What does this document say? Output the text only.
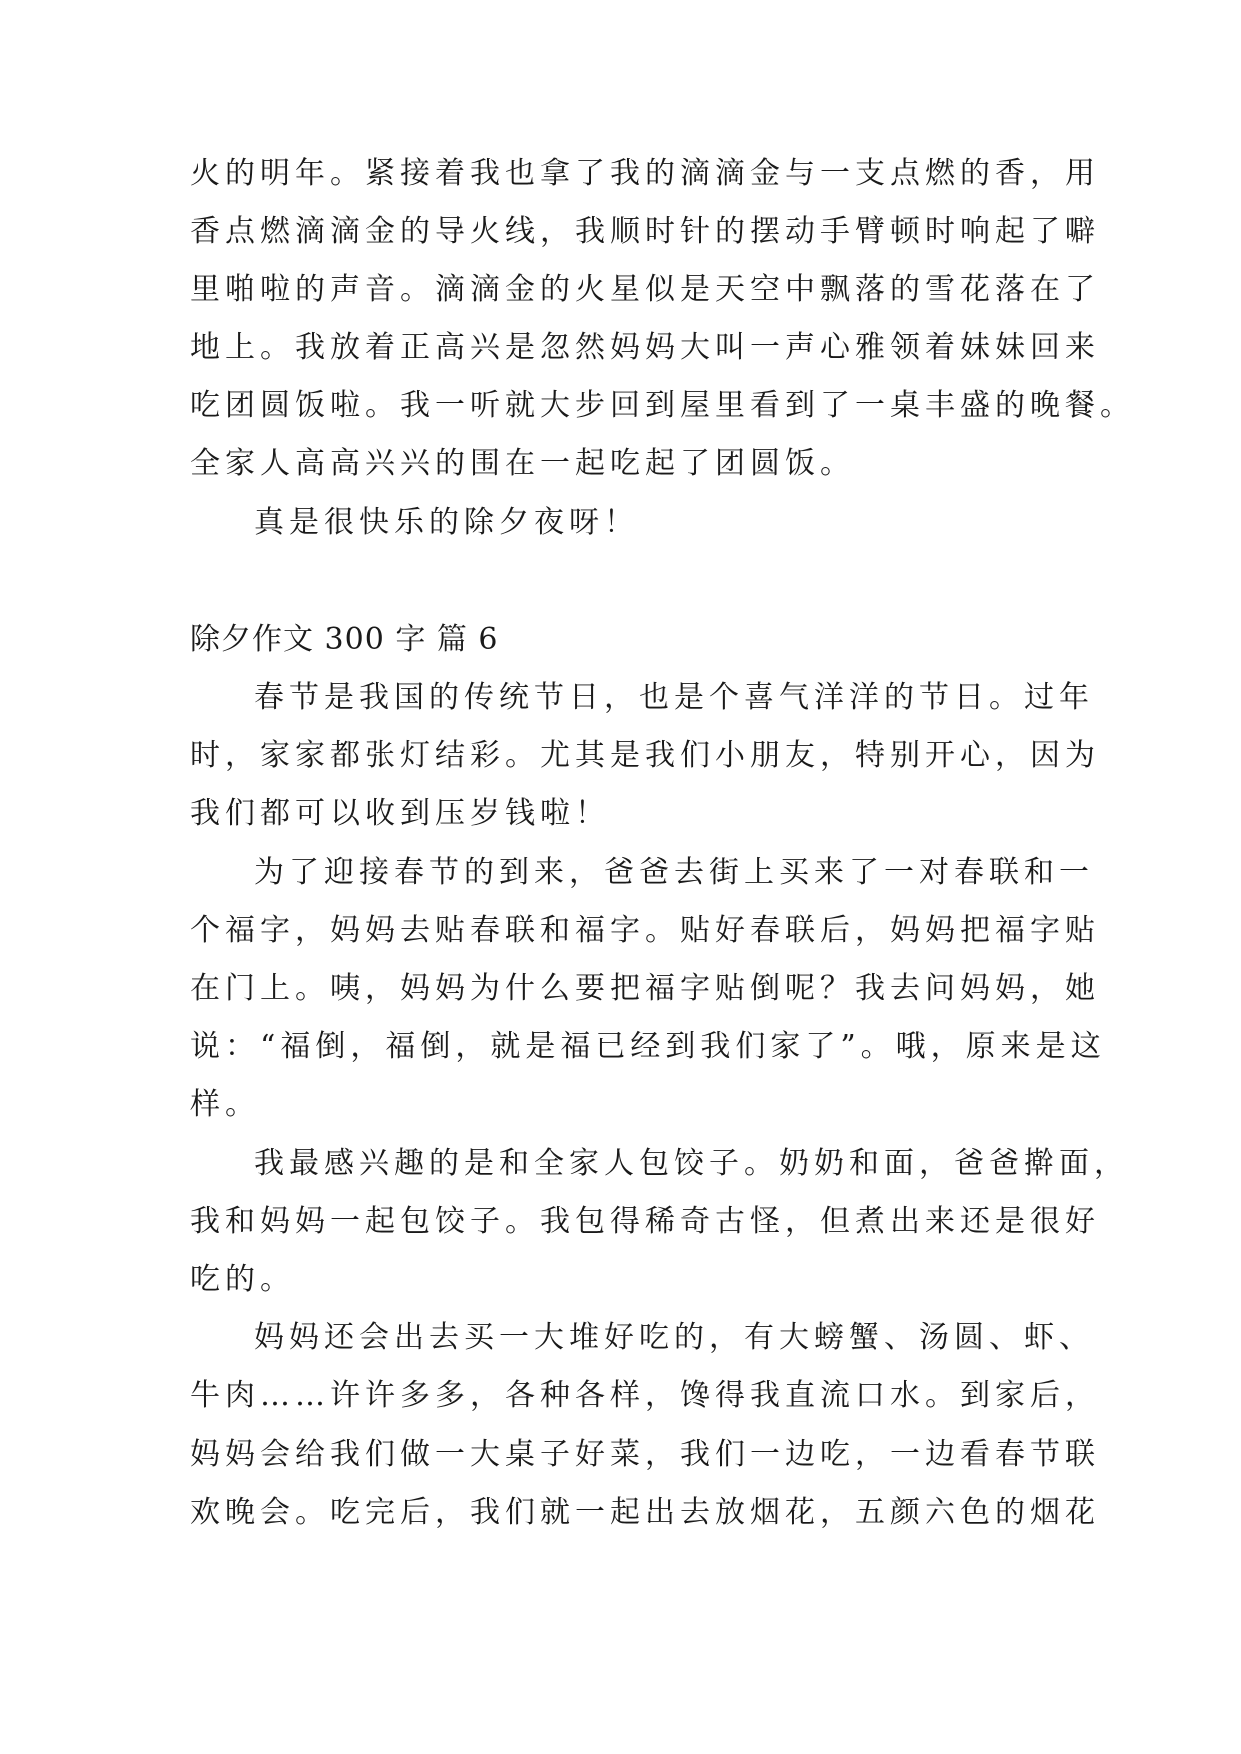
火的明年。紧接着我也拿了我的滴滴金与一支点燃的香，用
香点燃滴滴金的导火线，我顺时针的摆动手臂顿时响起了噼
里啪啦的声音。滴滴金的火星似是天空中飘落的雪花落在了
地上。我放着正高兴是忽然妈妈大叫一声心雅领着妹妹回来
吃团圆饭啦。我一听就大步回到屋里看到了一桌丰盛的晚餐。
全家人高高兴兴的围在一起吃起了团圆饭。
真是很快乐的除夕夜呀！
除夕作文 300 字 篇 6
春节是我国的传统节日，也是个喜气洋洋的节日。过年
时，家家都张灯结彩。尤其是我们小朋友，特别开心，因为
我们都可以收到压岁钱啦！
为了迎接春节的到来，爸爸去街上买来了一对春联和一
个福字，妈妈去贴春联和福字。贴好春联后，妈妈把福字贴
在门上。咦，妈妈为什么要把福字贴倒呢？我去问妈妈，她
说：“福倒，福倒，就是福已经到我们家了”。哦，原来是这
样。
我最感兴趣的是和全家人包饺子。奶奶和面，爸爸擀面，
我和妈妈一起包饺子。我包得稀奇古怪，但煮出来还是很好
吃的。
妈妈还会出去买一大堆好吃的，有大螃蟹、汤圆、虾、
牛肉……许许多多，各种各样，馋得我直流口水。到家后，
妈妈会给我们做一大桌子好菜，我们一边吃，一边看春节联
欢晚会。吃完后，我们就一起出去放烟花，五颜六色的烟花
